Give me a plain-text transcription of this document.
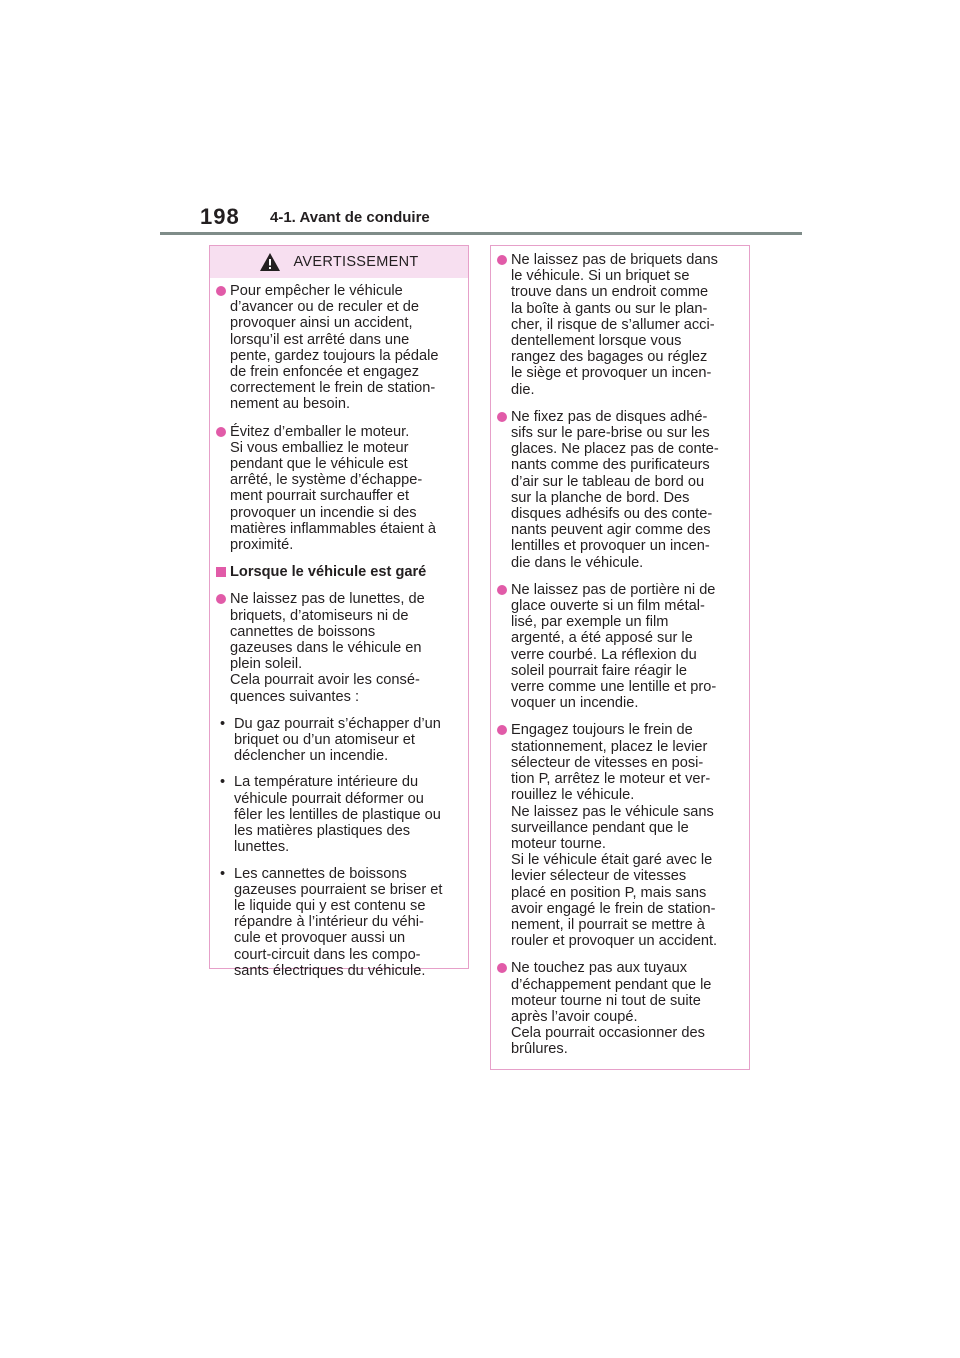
198 4-1. Avant de conduire
AVERTISSEMENT
Pour empêcher le véhicule
d’avancer ou de reculer et de
provoquer ainsi un accident,
lorsqu’il est arrêté dans une
pente, gardez toujours la pédale
de frein enfoncée et engagez
correctement le frein de station-
nement au besoin.
Évitez d’emballer le moteur.
Si vous emballiez le moteur
pendant que le véhicule est
arrêté, le système d’échappe-
ment pourrait surchauffer et
provoquer un incendie si des
matières inflammables étaient à
proximité.
Lorsque le véhicule est garé
Ne laissez pas de lunettes, de
briquets, d’atomiseurs ni de
cannettes de boissons
gazeuses dans le véhicule en
plein soleil.
Cela pourrait avoir les consé-
quences suivantes :
• Du gaz pourrait s’échapper d’un
briquet ou d’un atomiseur et
déclencher un incendie.
• La température intérieure du
véhicule pourrait déformer ou
fêler les lentilles de plastique ou
les matières plastiques des
lunettes.
• Les cannettes de boissons
gazeuses pourraient se briser et
le liquide qui y est contenu se
répandre à l’intérieur du véhi-
cule et provoquer aussi un
court-circuit dans les compo-
sants électriques du véhicule.
Ne laissez pas de briquets dans
le véhicule. Si un briquet se
trouve dans un endroit comme
la boîte à gants ou sur le plan-
cher, il risque de s’allumer acci-
dentellement lorsque vous
rangez des bagages ou réglez
le siège et provoquer un incen-
die.
Ne fixez pas de disques adhé-
sifs sur le pare-brise ou sur les
glaces. Ne placez pas de conte-
nants comme des purificateurs
d’air sur le tableau de bord ou
sur la planche de bord. Des
disques adhésifs ou des conte-
nants peuvent agir comme des
lentilles et provoquer un incen-
die dans le véhicule.
Ne laissez pas de portière ni de
glace ouverte si un film métal-
lisé, par exemple un film
argenté, a été apposé sur le
verre courbé. La réflexion du
soleil pourrait faire réagir le
verre comme une lentille et pro-
voquer un incendie.
Engagez toujours le frein de
stationnement, placez le levier
sélecteur de vitesses en posi-
tion P, arrêtez le moteur et ver-
rouillez le véhicule.
Ne laissez pas le véhicule sans
surveillance pendant que le
moteur tourne.
Si le véhicule était garé avec le
levier sélecteur de vitesses
placé en position P, mais sans
avoir engagé le frein de station-
nement, il pourrait se mettre à
rouler et provoquer un accident.
Ne touchez pas aux tuyaux
d’échappement pendant que le
moteur tourne ni tout de suite
après l’avoir coupé.
Cela pourrait occasionner des
brûlures.
